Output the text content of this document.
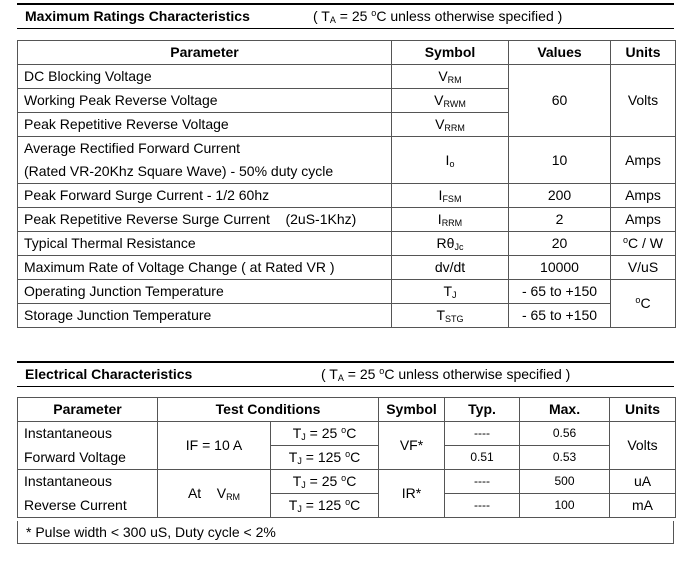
Maximum Ratings Characteristics	( $T_A = 25$ $^o$C unless otherwise specified )
Parameter	Symbol	Values	Units
DC Blocking Voltage	$V_{RM}$	60	Volts
Working Peak Reverse Voltage	$V_{RWM}$
Peak Repetitive Reverse Voltage	$V_{RRM}$
Average Rectified Forward Current	$I_o$	10	Amps
(Rated VR-20Khz Square Wave) - 50% duty cycle			
Peak Forward Surge Current - 1/2 60hz	$I_{FSM}$	200	Amps
Peak Repetitive Reverse Surge Current    (2uS-1Khz)	$I_{RRM}$	2	Amps
Typical Thermal Resistance	$R\theta_{Jc}$	20	$^o$C / W
Maximum Rate of Voltage Change ( at Rated VR )	dv/dt	10000	V/uS
Operating Junction Temperature	$T_J$	- 65 to +150	$^o$C
Storage Junction Temperature	$T_{STG}$	- 65 to +150	
Electrical Characteristics	( $T_A = 25$ $^o$C unless otherwise specified )
Parameter	Test Conditions		Symbol	Typ.	Max.	Units
Instantaneous	IF = 10 A	$T_J = 25$ $^o$C	VF*	----	0.56	Volts
Forward Voltage		$T_J = 125$ $^o$C		0.51	0.53	
Instantaneous	At    $V_{RM}$	$T_J = 25$ $^o$C	IR*	----	500	uA
Reverse Current		$T_J = 125$ $^o$C		----	100	mA
* Pulse width < 300 uS, Duty cycle < 2%
